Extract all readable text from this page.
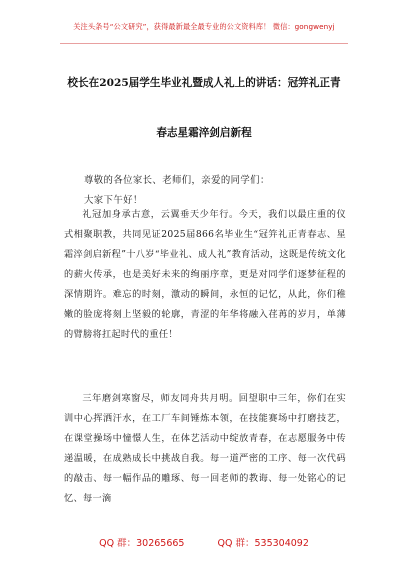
关注头条号“公文研究”，获得最新最全最专业的公文资料库！ 微信：gongwenyj
校长在2025届学生毕业礼暨成人礼上的讲话：冠笄礼正青
春志星霜淬剑启新程
尊敬的各位家长、老师们，亲爱的同学们：
大家下午好！
礼冠加身承古意，云翼垂天少年行。今天，我们以最庄重的仪式相聚职教，共同见证2025届866名毕业生“冠笄礼正青春志、星霜淬剑启新程”十八岁“毕业礼、成人礼”教育活动，这既是传统文化的薪火传承，也是美好未来的绚丽序章，更是对同学们逐梦征程的深情期许。难忘的时刻，激动的瞬间，永恒的记忆，从此，你们稚嫩的脸庞将刻上坚毅的轮廓，青涩的年华将融入荏苒的岁月，单薄的臂膀将扛起时代的重任！
三年磨剑寒窗尽，师友同舟共月明。回望职中三年，你们在实训中心挥洒汗水，在工厂车间锤炼本领，在技能赛场中打磨技艺，在课堂操场中憧憬人生，在体艺活动中绽放青春，在志愿服务中传递温暖，在成熟成长中挑战自我。每一道严密的工序、每一次代码的敲击、每一幅作品的雕琢、每一回老师的教诲、每一处铭心的记忆、每一滴
QQ 群：30265665	QQ 群：535304092
